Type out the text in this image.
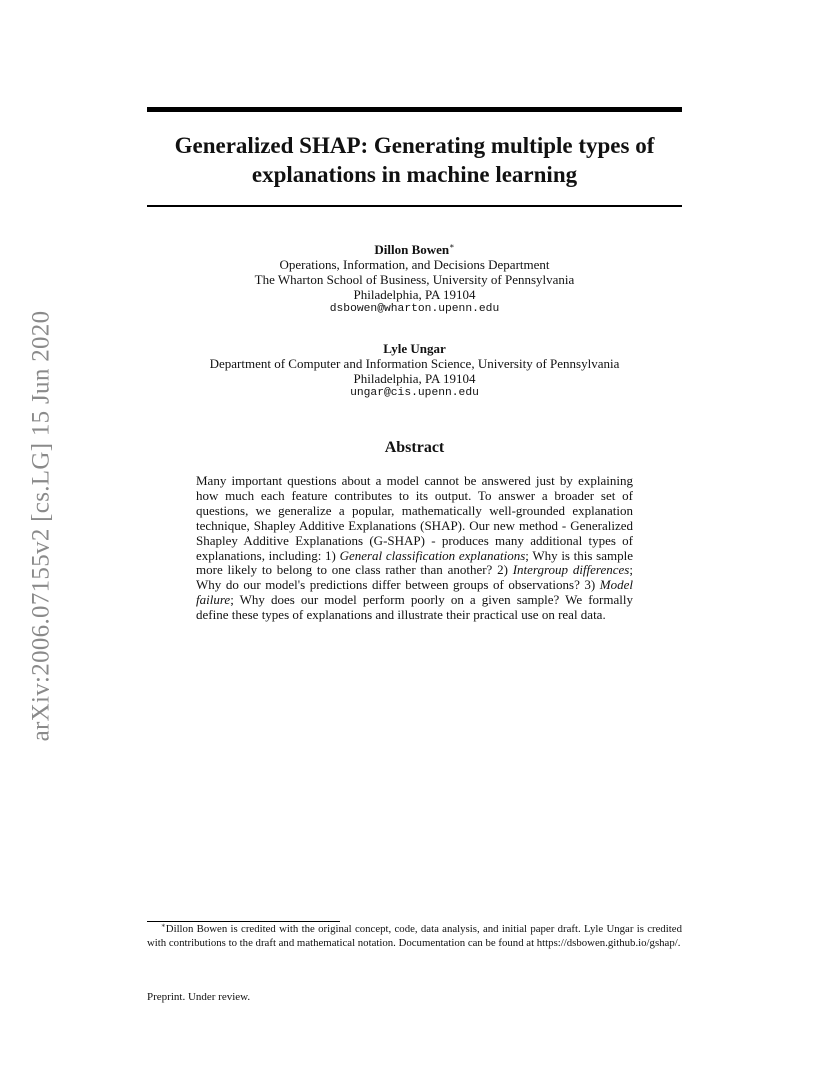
Generalized SHAP: Generating multiple types of explanations in machine learning
arXiv:2006.07155v2 [cs.LG] 15 Jun 2020
Dillon Bowen∗
Operations, Information, and Decisions Department
The Wharton School of Business, University of Pennsylvania
Philadelphia, PA 19104
dsbowen@wharton.upenn.edu
Lyle Ungar
Department of Computer and Information Science, University of Pennsylvania
Philadelphia, PA 19104
ungar@cis.upenn.edu
Abstract

Many important questions about a model cannot be answered just by explaining how much each feature contributes to its output. To answer a broader set of questions, we generalize a popular, mathematically well-grounded explanation technique, Shapley Additive Explanations (SHAP). Our new method - Generalized Shapley Additive Explanations (G-SHAP) - produces many additional types of explanations, including: 1) General classification explanations; Why is this sample more likely to belong to one class rather than another? 2) Intergroup differences; Why do our model's predictions differ between groups of observations? 3) Model failure; Why does our model perform poorly on a given sample? We formally define these types of explanations and illustrate their practical use on real data.

∗Dillon Bowen is credited with the original concept, code, data analysis, and initial paper draft. Lyle Ungar is credited with contributions to the draft and mathematical notation. Documentation can be found at https://dsbowen.github.io/gshap/.

Preprint. Under review.
